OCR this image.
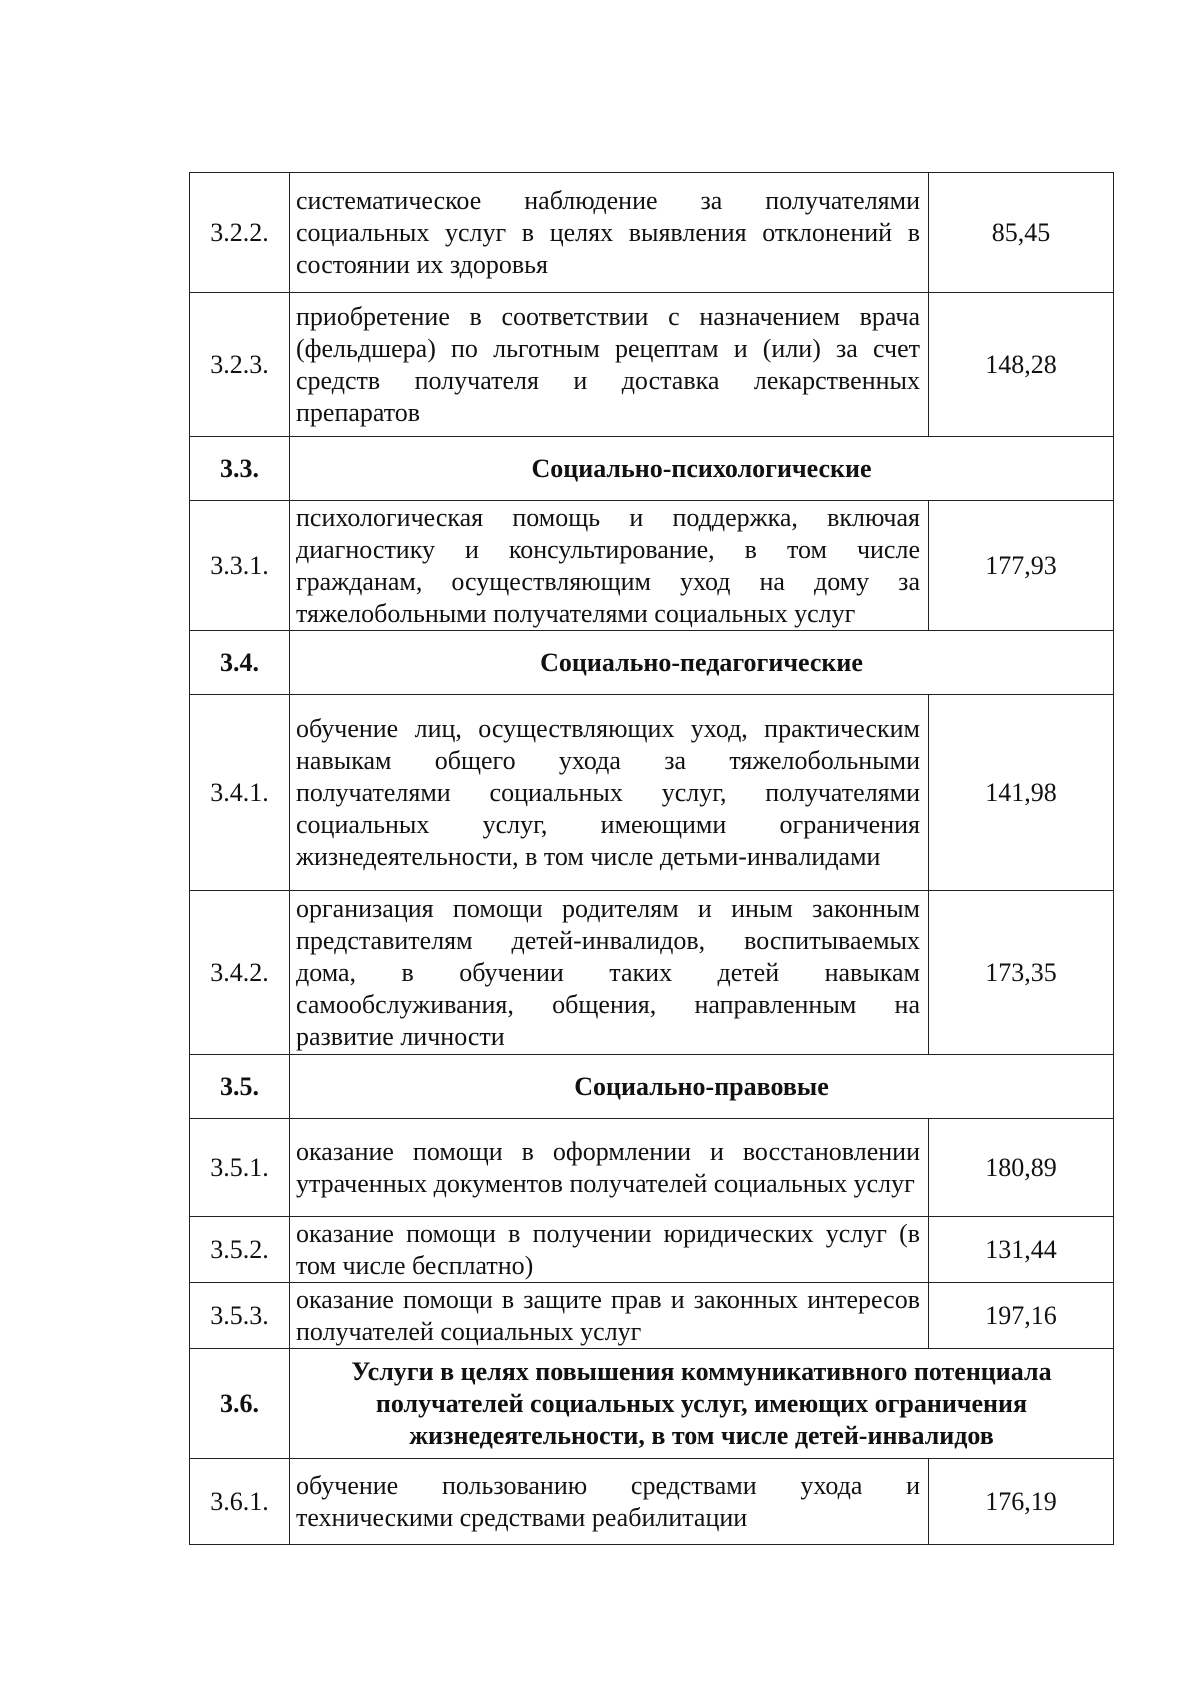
3.2.2.	систематическое наблюдение за получателями социальных услуг в целях выявления отклонений в состоянии их здоровья	85,45
3.2.3.	приобретение в соответствии с назначением врача (фельдшера) по льготным рецептам и (или) за счет средств получателя и доставка лекарственных препаратов	148,28
3.3.	Социально-психологические	
3.3.1.	психологическая помощь и поддержка, включая диагностику и консультирование, в том числе гражданам, осуществляющим уход на дому за тяжелобольными получателями социальных услуг	177,93
3.4.	Социально-педагогические	
3.4.1.	обучение лиц, осуществляющих уход, практическим навыкам общего ухода за тяжелобольными получателями социальных услуг, получателями социальных услуг, имеющими ограничения жизнедеятельности, в том числе детьми-инвалидами	141,98
3.4.2.	организация помощи родителям и иным законным представителям детей-инвалидов, воспитываемых дома, в обучении таких детей навыкам самообслуживания, общения, направленным на развитие личности	173,35
3.5.	Социально-правовые	
3.5.1.	оказание помощи в оформлении и восстановлении утраченных документов получателей социальных услуг	180,89
3.5.2.	оказание помощи в получении юридических услуг (в том числе бесплатно)	131,44
3.5.3.	оказание помощи в защите прав и законных интересов получателей социальных услуг	197,16
3.6.	Услуги в целях повышения коммуникативного потенциала получателей социальных услуг, имеющих ограничения жизнедеятельности, в том числе детей-инвалидов	
3.6.1.	обучение пользованию средствами ухода и техническими средствами реабилитации	176,19
